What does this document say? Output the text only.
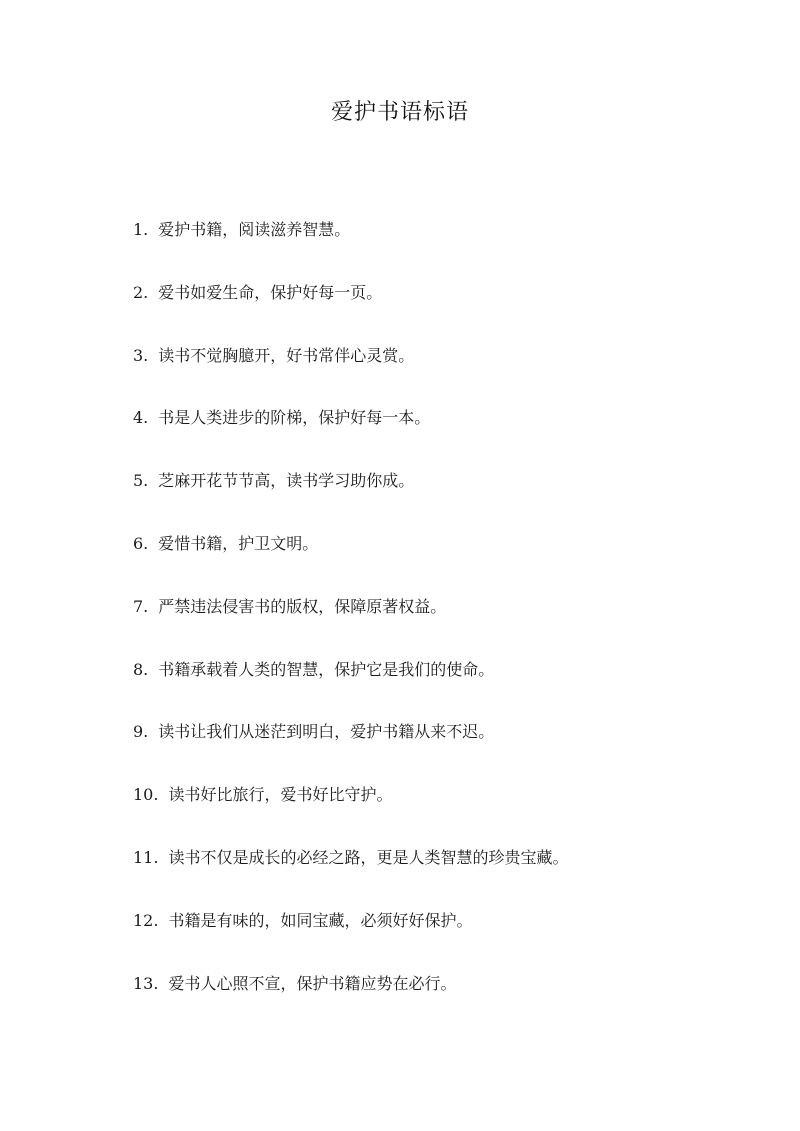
爱护书语标语
1. 爱护书籍，阅读滋养智慧。
2. 爱书如爱生命，保护好每一页。
3. 读书不觉胸臆开，好书常伴心灵赏。
4. 书是人类进步的阶梯，保护好每一本。
5. 芝麻开花节节高，读书学习助你成。
6. 爱惜书籍，护卫文明。
7. 严禁违法侵害书的版权，保障原著权益。
8. 书籍承载着人类的智慧，保护它是我们的使命。
9. 读书让我们从迷茫到明白，爱护书籍从来不迟。
10. 读书好比旅行，爱书好比守护。
11. 读书不仅是成长的必经之路，更是人类智慧的珍贵宝藏。
12. 书籍是有味的，如同宝藏，必须好好保护。
13. 爱书人心照不宣，保护书籍应势在必行。
